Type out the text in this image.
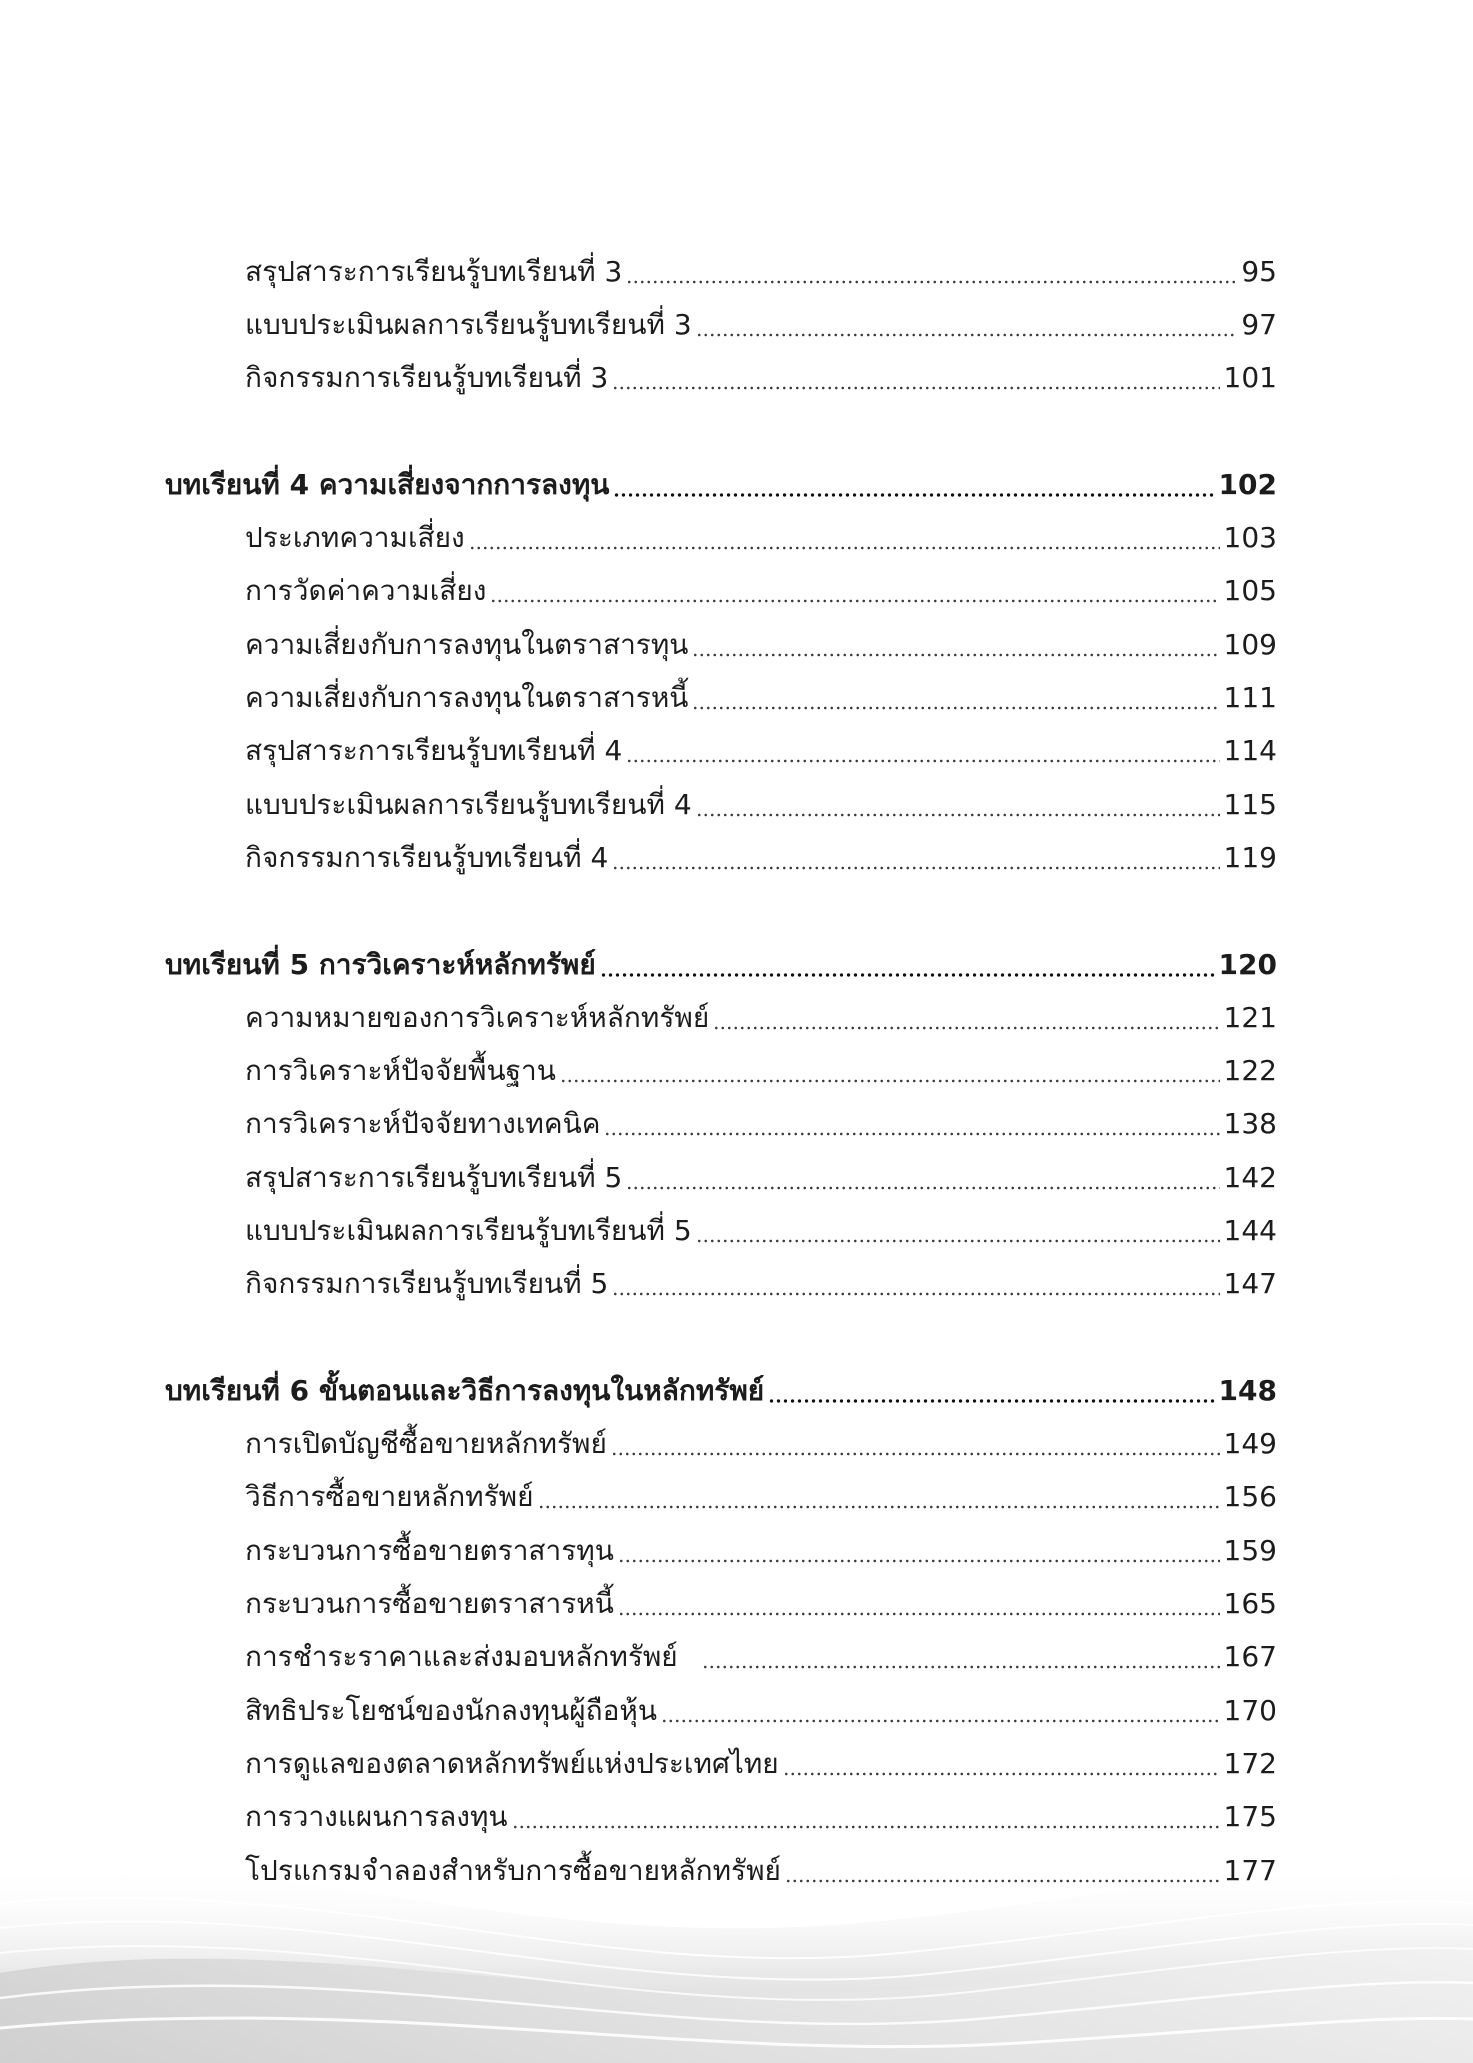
สรุปสาระการเรียนรู้บทเรียนที่ 3	95
แบบประเมินผลการเรียนรู้บทเรียนที่ 3	97
กิจกรรมการเรียนรู้บทเรียนที่ 3	101
บทเรียนที่ 4 ความเสี่ยงจากการลงทุน	102
ประเภทความเสี่ยง	103
การวัดค่าความเสี่ยง	105
ความเสี่ยงกับการลงทุนในตราสารทุน	109
ความเสี่ยงกับการลงทุนในตราสารหนี้	111
สรุปสาระการเรียนรู้บทเรียนที่ 4	114
แบบประเมินผลการเรียนรู้บทเรียนที่ 4	115
กิจกรรมการเรียนรู้บทเรียนที่ 4	119
บทเรียนที่ 5 การวิเคราะห์หลักทรัพย์	120
ความหมายของการวิเคราะห์หลักทรัพย์	121
การวิเคราะห์ปัจจัยพื้นฐาน	122
การวิเคราะห์ปัจจัยทางเทคนิค	138
สรุปสาระการเรียนรู้บทเรียนที่ 5	142
แบบประเมินผลการเรียนรู้บทเรียนที่ 5	144
กิจกรรมการเรียนรู้บทเรียนที่ 5	147
บทเรียนที่ 6 ขั้นตอนและวิธีการลงทุนในหลักทรัพย์	148
การเปิดบัญชีซื้อขายหลักทรัพย์	149
วิธีการซื้อขายหลักทรัพย์	156
กระบวนการซื้อขายตราสารทุน	159
กระบวนการซื้อขายตราสารหนี้	165
การชำระราคาและส่งมอบหลักทรัพย์	167
สิทธิประโยชน์ของนักลงทุนผู้ถือหุ้น	170
การดูแลของตลาดหลักทรัพย์แห่งประเทศไทย	172
การวางแผนการลงทุน	175
โปรแกรมจำลองสำหรับการซื้อขายหลักทรัพย์	177
